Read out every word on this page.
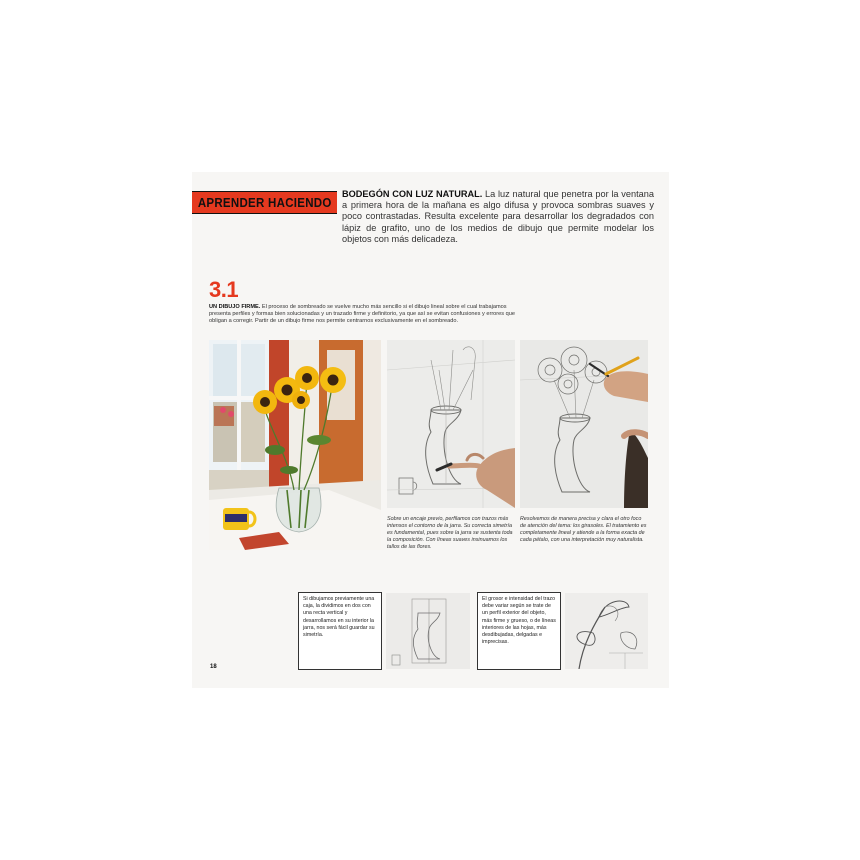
APRENDER HACIENDO
BODEGÓN CON LUZ NATURAL. La luz natural que penetra por la ventana a primera hora de la mañana es algo difusa y provoca sombras suaves y poco contrastadas. Resulta excelente para desarrollar los degradados con lápiz de grafito, uno de los medios de dibujo que permite modelar los objetos con más delicadeza.
3.1
UN DIBUJO FIRME. El proceso de sombreado se vuelve mucho más sencillo si el dibujo lineal sobre el cual trabajamos presenta perfiles y formas bien solucionadas y un trazado firme y definitorio, ya que así se evitan confusiones y errores que obligan a corregir. Partir de un dibujo firme nos permite centrarnos exclusivamente en el sombreado.
Sobre un encaje previo, perfilamos con trazos más intensos el contorno de la jarra. Su correcta simetría es fundamental, pues sobre la jarra se sustenta toda la composición. Con líneas suaves insinuamos los tallos de las flores.
Resolvemos de manera precisa y clara el otro foco de atención del tema: los girasoles. El tratamiento es completamente lineal y atiende a la forma exacta de cada pétalo, con una interpretación muy naturalista.

Si dibujamos previamente una caja, la dividimos en dos con una recta vertical y desarrollamos en su interior la jarra, nos será fácil guardar su simetría.

El grosor e intensidad del trazo debe variar según se trate de un perfil exterior del objeto, más firme y grueso, o de líneas interiores de las hojas, más desdibujadas, delgadas e imprecisas.

18
